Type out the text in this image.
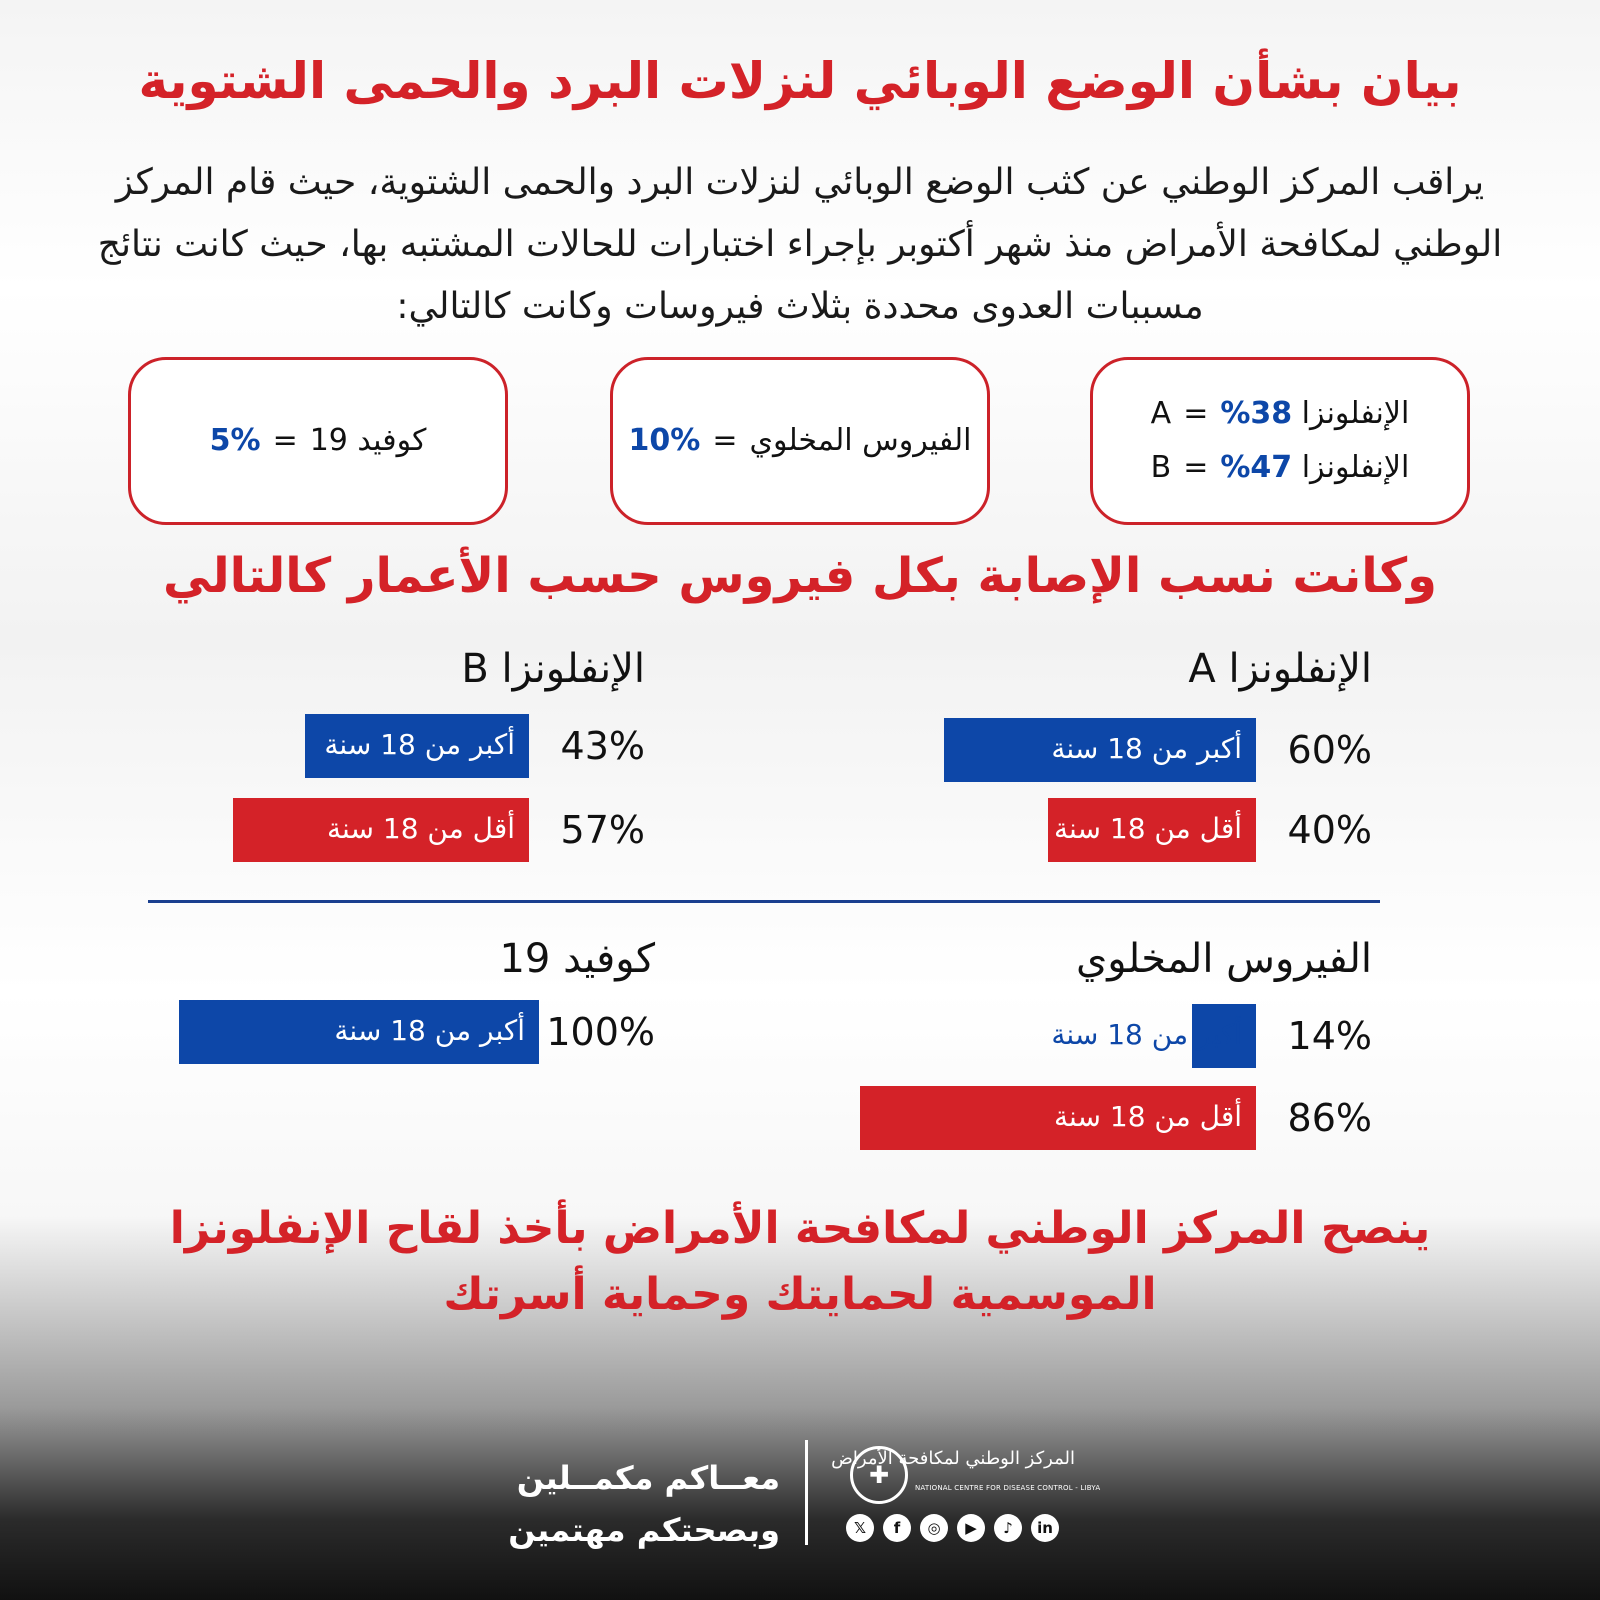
بيان بشأن الوضع الوبائي لنزلات البرد والحمى الشتوية

يراقب المركز الوطني عن كثب الوضع الوبائي لنزلات البرد والحمى الشتوية، حيث قام المركز الوطني لمكافحة الأمراض منذ شهر أكتوبر بإجراء اختبارات للحالات المشتبه بها، حيث كانت نتائج مسببات العدوى محددة بثلاث فيروسات وكانت كالتالي:

الإنفلونزا A= %38
الإنفلونزا B= %47
الفيروس المخلوي=%10
كوفيد 19=%5
وكانت نسب الإصابة بكل فيروس حسب الأعمار كالتالي
الإنفلونزا A
60%
أكبر من 18 سنة
40%
أقل من 18 سنة
الإنفلونزا B
43%
أكبر من 18 سنة
57%
أقل من 18 سنة
الفيروس المخلوي
14%
أكبر من 18 سنة
86%
أقل من 18 سنة
كوفيد 19
100%
أكبر من 18 سنة

ينصح المركز الوطني لمكافحة الأمراض بأخذ لقاح الإنفلونزا الموسمية لحمايتك وحماية أسرتك

معــاكم مكمــلين
وبصحتكم مهتمين
✚
المركز الوطني لمكافحة الأمراض
NATIONAL CENTRE FOR DISEASE CONTROL - LIBYA
𝕏	f	◎	▶	♪	in
